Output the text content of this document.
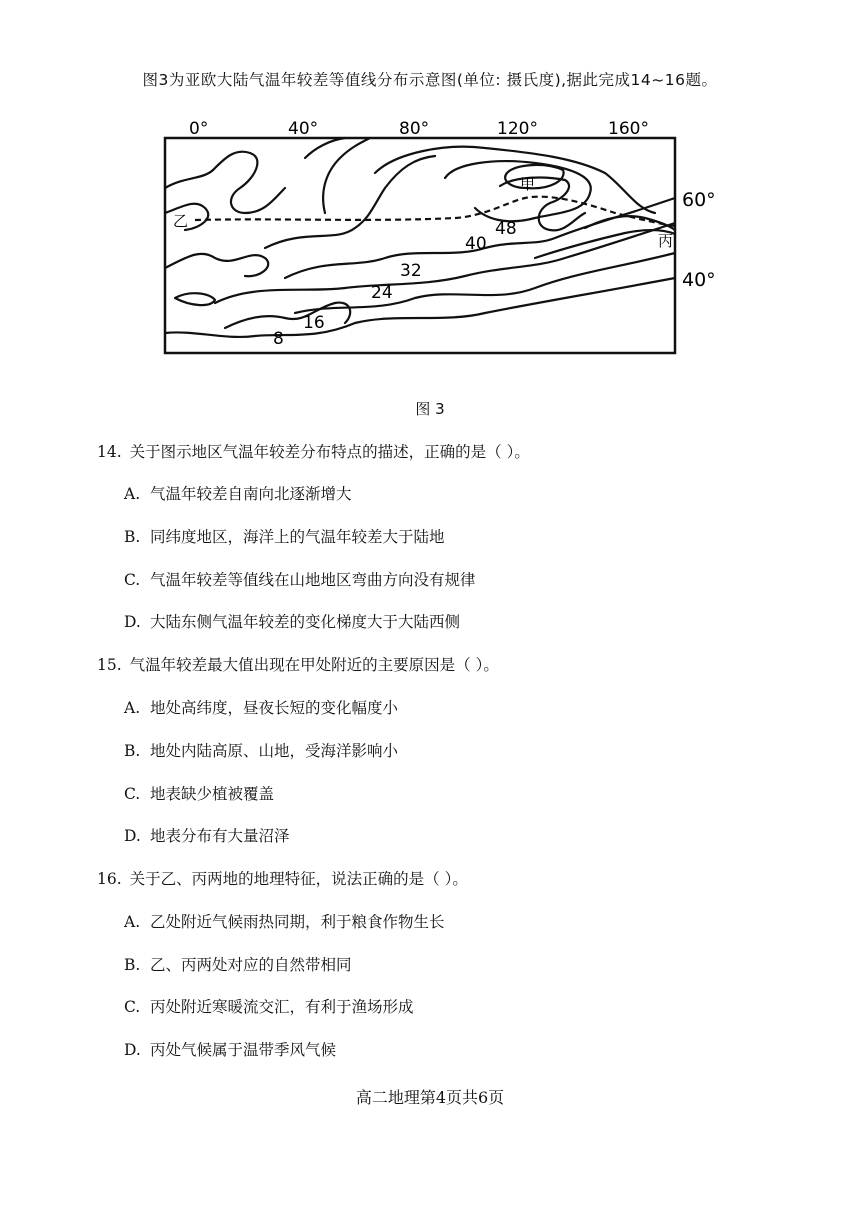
图3为亚欧大陆气温年较差等值线分布示意图(单位: 摄氏度),据此完成14~16题。
0°	40°	80°	120°	160°
60°
40°
48
40
32
24
16
8
甲
乙
丙
图 3
14. 关于图示地区气温年较差分布特点的描述，正确的是（ ）。
A. 气温年较差自南向北逐渐增大
B. 同纬度地区，海洋上的气温年较差大于陆地
C. 气温年较差等值线在山地地区弯曲方向没有规律
D. 大陆东侧气温年较差的变化梯度大于大陆西侧
15. 气温年较差最大值出现在甲处附近的主要原因是（ ）。
A. 地处高纬度，昼夜长短的变化幅度小
B. 地处内陆高原、山地，受海洋影响小
C. 地表缺少植被覆盖
D. 地表分布有大量沼泽
16. 关于乙、丙两地的地理特征，说法正确的是（ ）。
A. 乙处附近气候雨热同期，利于粮食作物生长
B. 乙、丙两处对应的自然带相同
C. 丙处附近寒暖流交汇，有利于渔场形成
D. 丙处气候属于温带季风气候
高二地理第4页共6页
